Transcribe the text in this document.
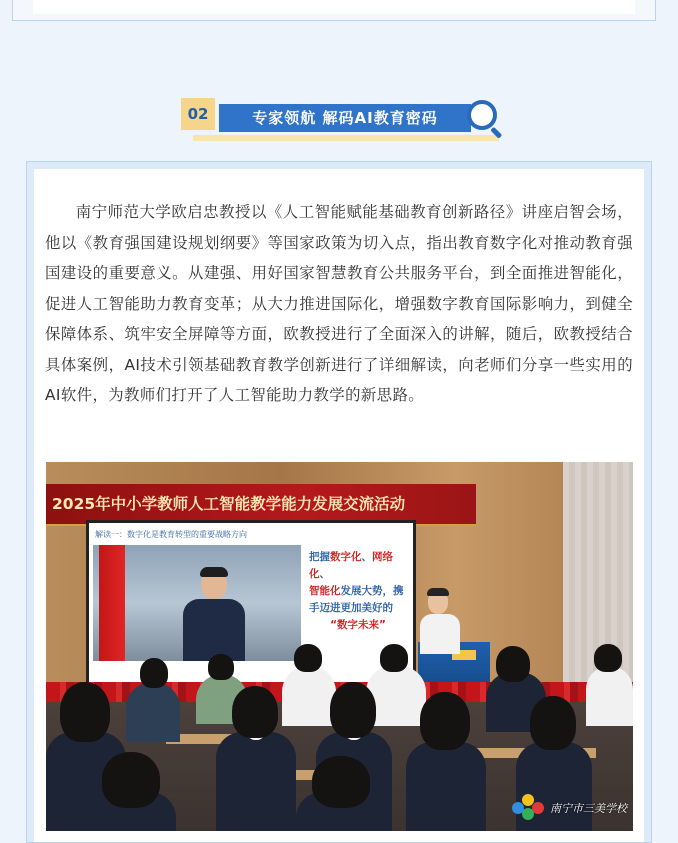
02	专家领航 解码AI教育密码

南宁师范大学欧启忠教授以《人工智能赋能基础教育创新路径》讲座启智会场，他以《教育强国建设规划纲要》等国家政策为切入点，指出教育数字化对推动教育强国建设的重要意义。从建强、用好国家智慧教育公共服务平台，到全面推进智能化，促进人工智能助力教育变革；从大力推进国际化，增强数字教育国际影响力，到健全保障体系、筑牢安全屏障等方面，欧教授进行了全面深入的讲解，随后，欧教授结合具体案例，AI技术引领基础教育教学创新进行了详细解读，向老师们分享一些实用的AI软件，为教师们打开了人工智能助力教学的新思路。

2025年中小学教师人工智能教学能力发展交流活动
解读一：数字化是教育转型的重要战略方向
把握数字化、网络化、
智能化发展大势，携
手迈进更加美好的
“数字未来”
南宁市三美学校
